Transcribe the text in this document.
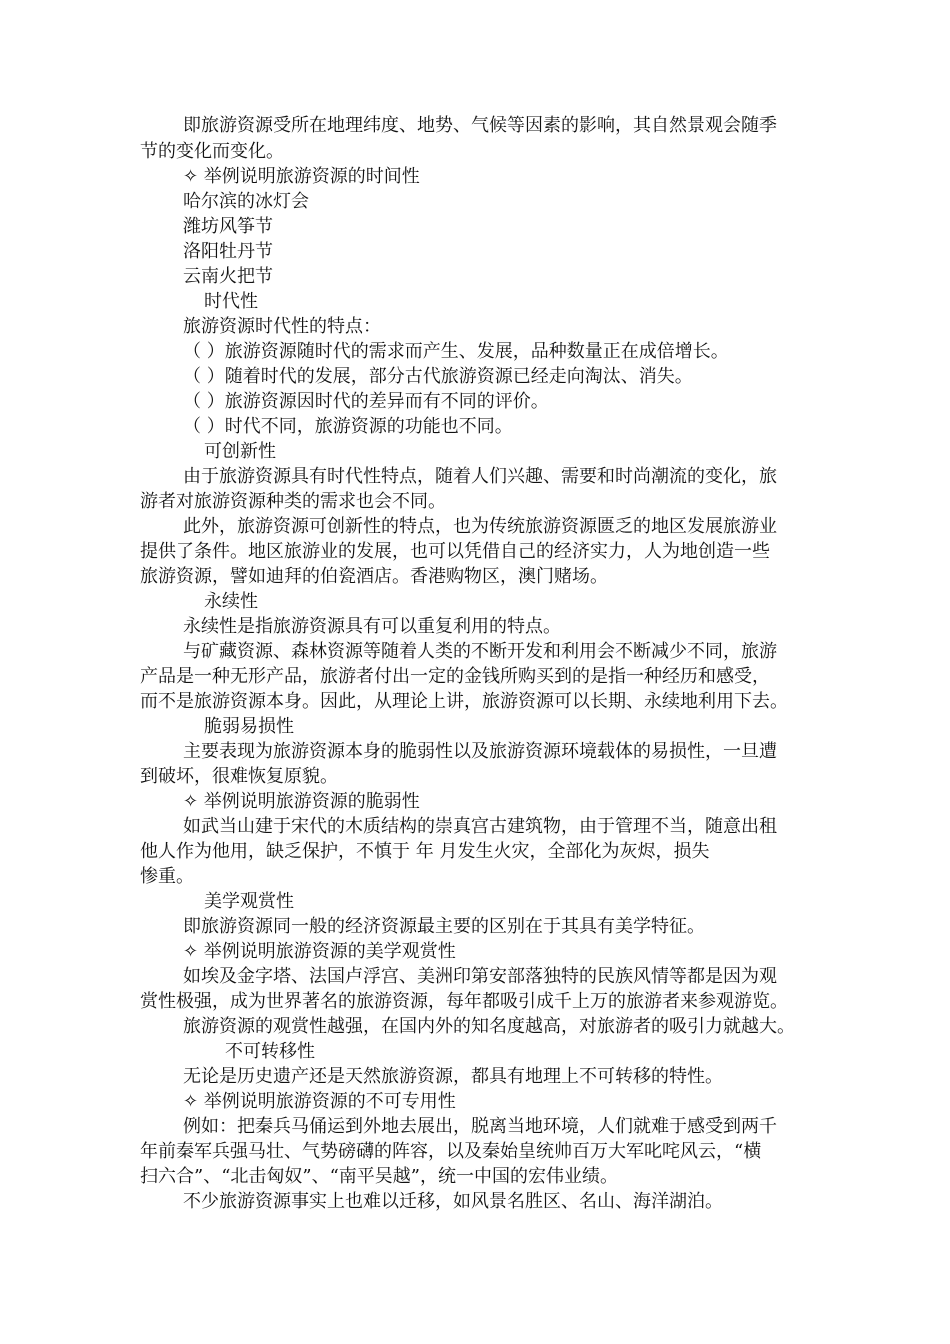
即旅游资源受所在地理纬度、地势、气候等因素的影响，其自然景观会随季
节的变化而变化。
✧ 举例说明旅游资源的时间性
哈尔滨的冰灯会
潍坊风筝节
洛阳牡丹节
云南火把节
时代性
旅游资源时代性的特点：
（ ）旅游资源随时代的需求而产生、发展，品种数量正在成倍增长。
（ ）随着时代的发展，部分古代旅游资源已经走向淘汰、消失。
（ ）旅游资源因时代的差异而有不同的评价。
（ ）时代不同，旅游资源的功能也不同。
可创新性
由于旅游资源具有时代性特点，随着人们兴趣、需要和时尚潮流的变化，旅
游者对旅游资源种类的需求也会不同。
此外，旅游资源可创新性的特点，也为传统旅游资源匮乏的地区发展旅游业
提供了条件。地区旅游业的发展，也可以凭借自己的经济实力，人为地创造一些
旅游资源，譬如迪拜的伯瓷酒店。香港购物区，澳门赌场。
永续性
永续性是指旅游资源具有可以重复利用的特点。
与矿藏资源、森林资源等随着人类的不断开发和利用会不断减少不同，旅游
产品是一种无形产品，旅游者付出一定的金钱所购买到的是指一种经历和感受，
而不是旅游资源本身。因此，从理论上讲，旅游资源可以长期、永续地利用下去。
脆弱易损性
主要表现为旅游资源本身的脆弱性以及旅游资源环境载体的易损性，一旦遭
到破坏，很难恢复原貌。
✧ 举例说明旅游资源的脆弱性
如武当山建于宋代的木质结构的崇真宫古建筑物，由于管理不当，随意出租
他人作为他用，缺乏保护，不慎于 年 月发生火灾，全部化为灰烬，损失
惨重。
美学观赏性
即旅游资源同一般的经济资源最主要的区别在于其具有美学特征。
✧ 举例说明旅游资源的美学观赏性
如埃及金字塔、法国卢浮宫、美洲印第安部落独特的民族风情等都是因为观
赏性极强，成为世界著名的旅游资源，每年都吸引成千上万的旅游者来参观游览。
旅游资源的观赏性越强，在国内外的知名度越高，对旅游者的吸引力就越大。
不可转移性
无论是历史遗产还是天然旅游资源，都具有地理上不可转移的特性。
✧ 举例说明旅游资源的不可专用性
例如：把秦兵马俑运到外地去展出，脱离当地环境，人们就难于感受到两千
年前秦军兵强马壮、气势磅礴的阵容，以及秦始皇统帅百万大军叱咤风云，“横
扫六合”、“北击匈奴”、“南平吴越”，统一中国的宏伟业绩。
不少旅游资源事实上也难以迁移，如风景名胜区、名山、海洋湖泊。
